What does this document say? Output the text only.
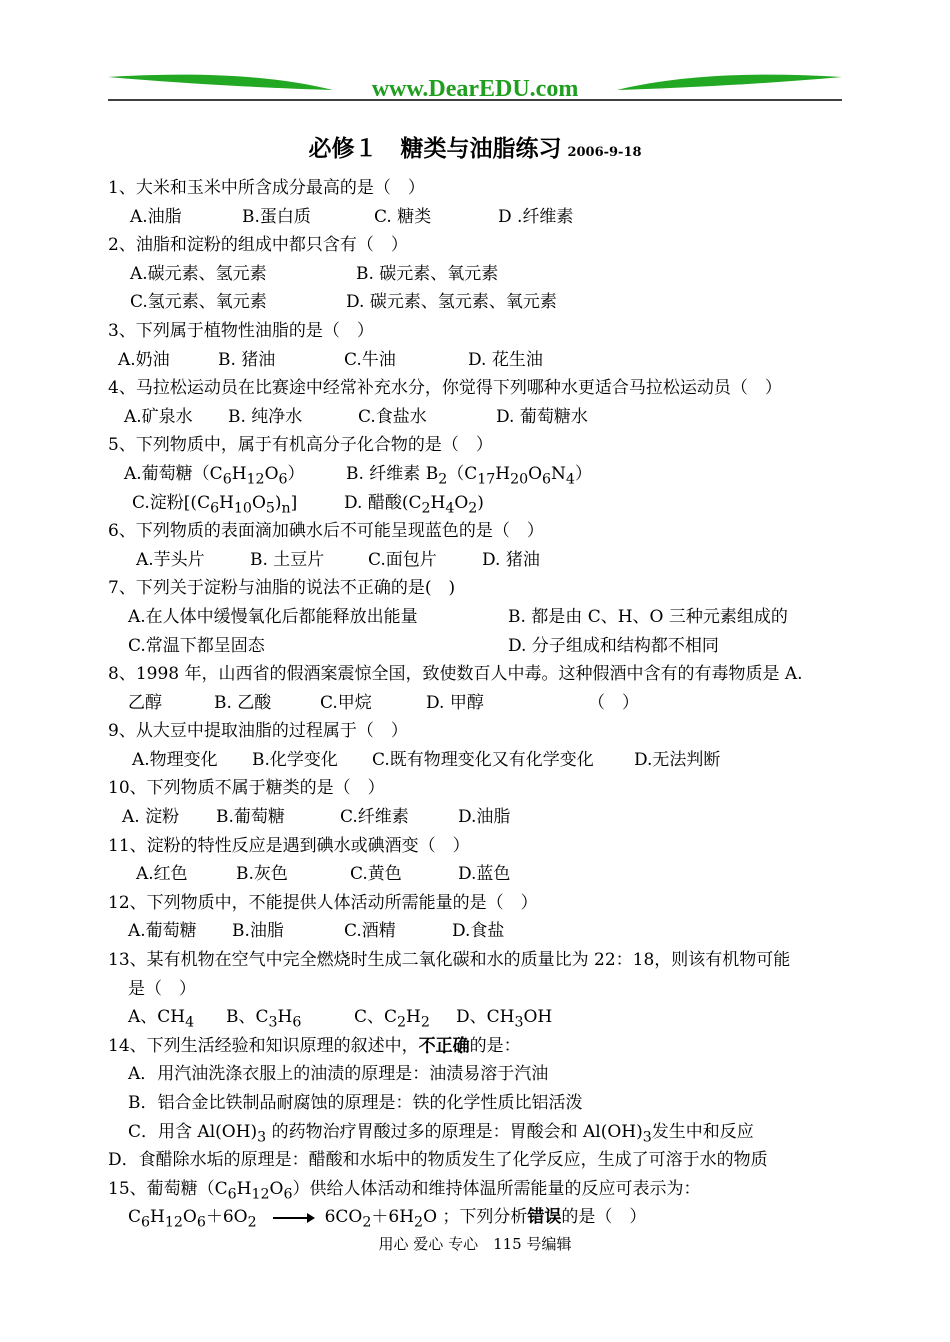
www.DearEDU.com
必修１　糖类与油脂练习 2006-9-18
1、大米和玉米中所含成分最高的是（　）
A.油脂	B.蛋白质	C. 糖类	D .纤维素
2、油脂和淀粉的组成中都只含有（　）
A.碳元素、氢元素	B. 碳元素、氧元素
C.氢元素、氧元素	D. 碳元素、氢元素、氧元素
3、下列属于植物性油脂的是（　）
A.奶油	B. 猪油	C.牛油	D. 花生油
4、马拉松运动员在比赛途中经常补充水分，你觉得下列哪种水更适合马拉松运动员（　）
A.矿泉水 B. 纯净水	C.食盐水	D. 葡萄糖水
5、下列物质中，属于有机高分子化合物的是（　）
A.葡萄糖$(C_6H_{12}O_6)$ B. 纤维素 $B_2(C_{17}H_{20}O_6N_4)$
C.淀粉$[(C_6H_{10}O_5)_n]$	D. 醋酸$(C_2H_4O_2)$
6、下列物质的表面滴加碘水后不可能呈现蓝色的是（　）
A.芋头片	B. 土豆片	C.面包片	D. 猪油
7、下列关于淀粉与油脂的说法不正确的是(　)
A.在人体中缓慢氧化后都能释放出能量	B. 都是由 C、H、O 三种元素组成的
C.常温下都呈固态	D. 分子组成和结构都不相同
8、1998 年，山西省的假酒案震惊全国，致使数百人中毒。这种假酒中含有的有毒物质是 A.
乙醇	B. 乙酸	C.甲烷	D. 甲醇	（　）
9、从大豆中提取油脂的过程属于（　）
A.物理变化 B.化学变化 C.既有物理变化又有化学变化 D.无法判断
10、下列物质不属于糖类的是（　）
A. 淀粉 B.葡萄糖	C.纤维素	D.油脂
11、淀粉的特性反应是遇到碘水或碘酒变（　）
A.红色	B.灰色	C.黄色	D.蓝色
12、下列物质中，不能提供人体活动所需能量的是（　）
A.葡萄糖 B.油脂	C.酒精	D.食盐
13、某有机物在空气中完全燃烧时生成二氧化碳和水的质量比为 22：18，则该有机物可能
是（　）
A、$CH_4$ B、$C_3H_6$	C、$C_2H_2$ D、$CH_3OH$
14、下列生活经验和知识原理的叙述中，不正确的是：
A．用汽油洗涤衣服上的油渍的原理是：油渍易溶于汽油
B．铝合金比铁制品耐腐蚀的原理是：铁的化学性质比铝活泼
C．用含 $Al(OH)_3$ 的药物治疗胃酸过多的原理是：胃酸会和 $Al(OH)_3$发生中和反应
D．食醋除水垢的原理是：醋酸和水垢中的物质发生了化学反应，生成了可溶于水的物质
15、葡萄糖$(C_6H_{12}O_6)$供给人体活动和维持体温所需能量的反应可表示为：
$C_6H_{12}O_6+6O_2 \to 6CO_2+6H_2O$ ；下列分析错误的是（　）
用心 爱心 专心　115 号编辑
